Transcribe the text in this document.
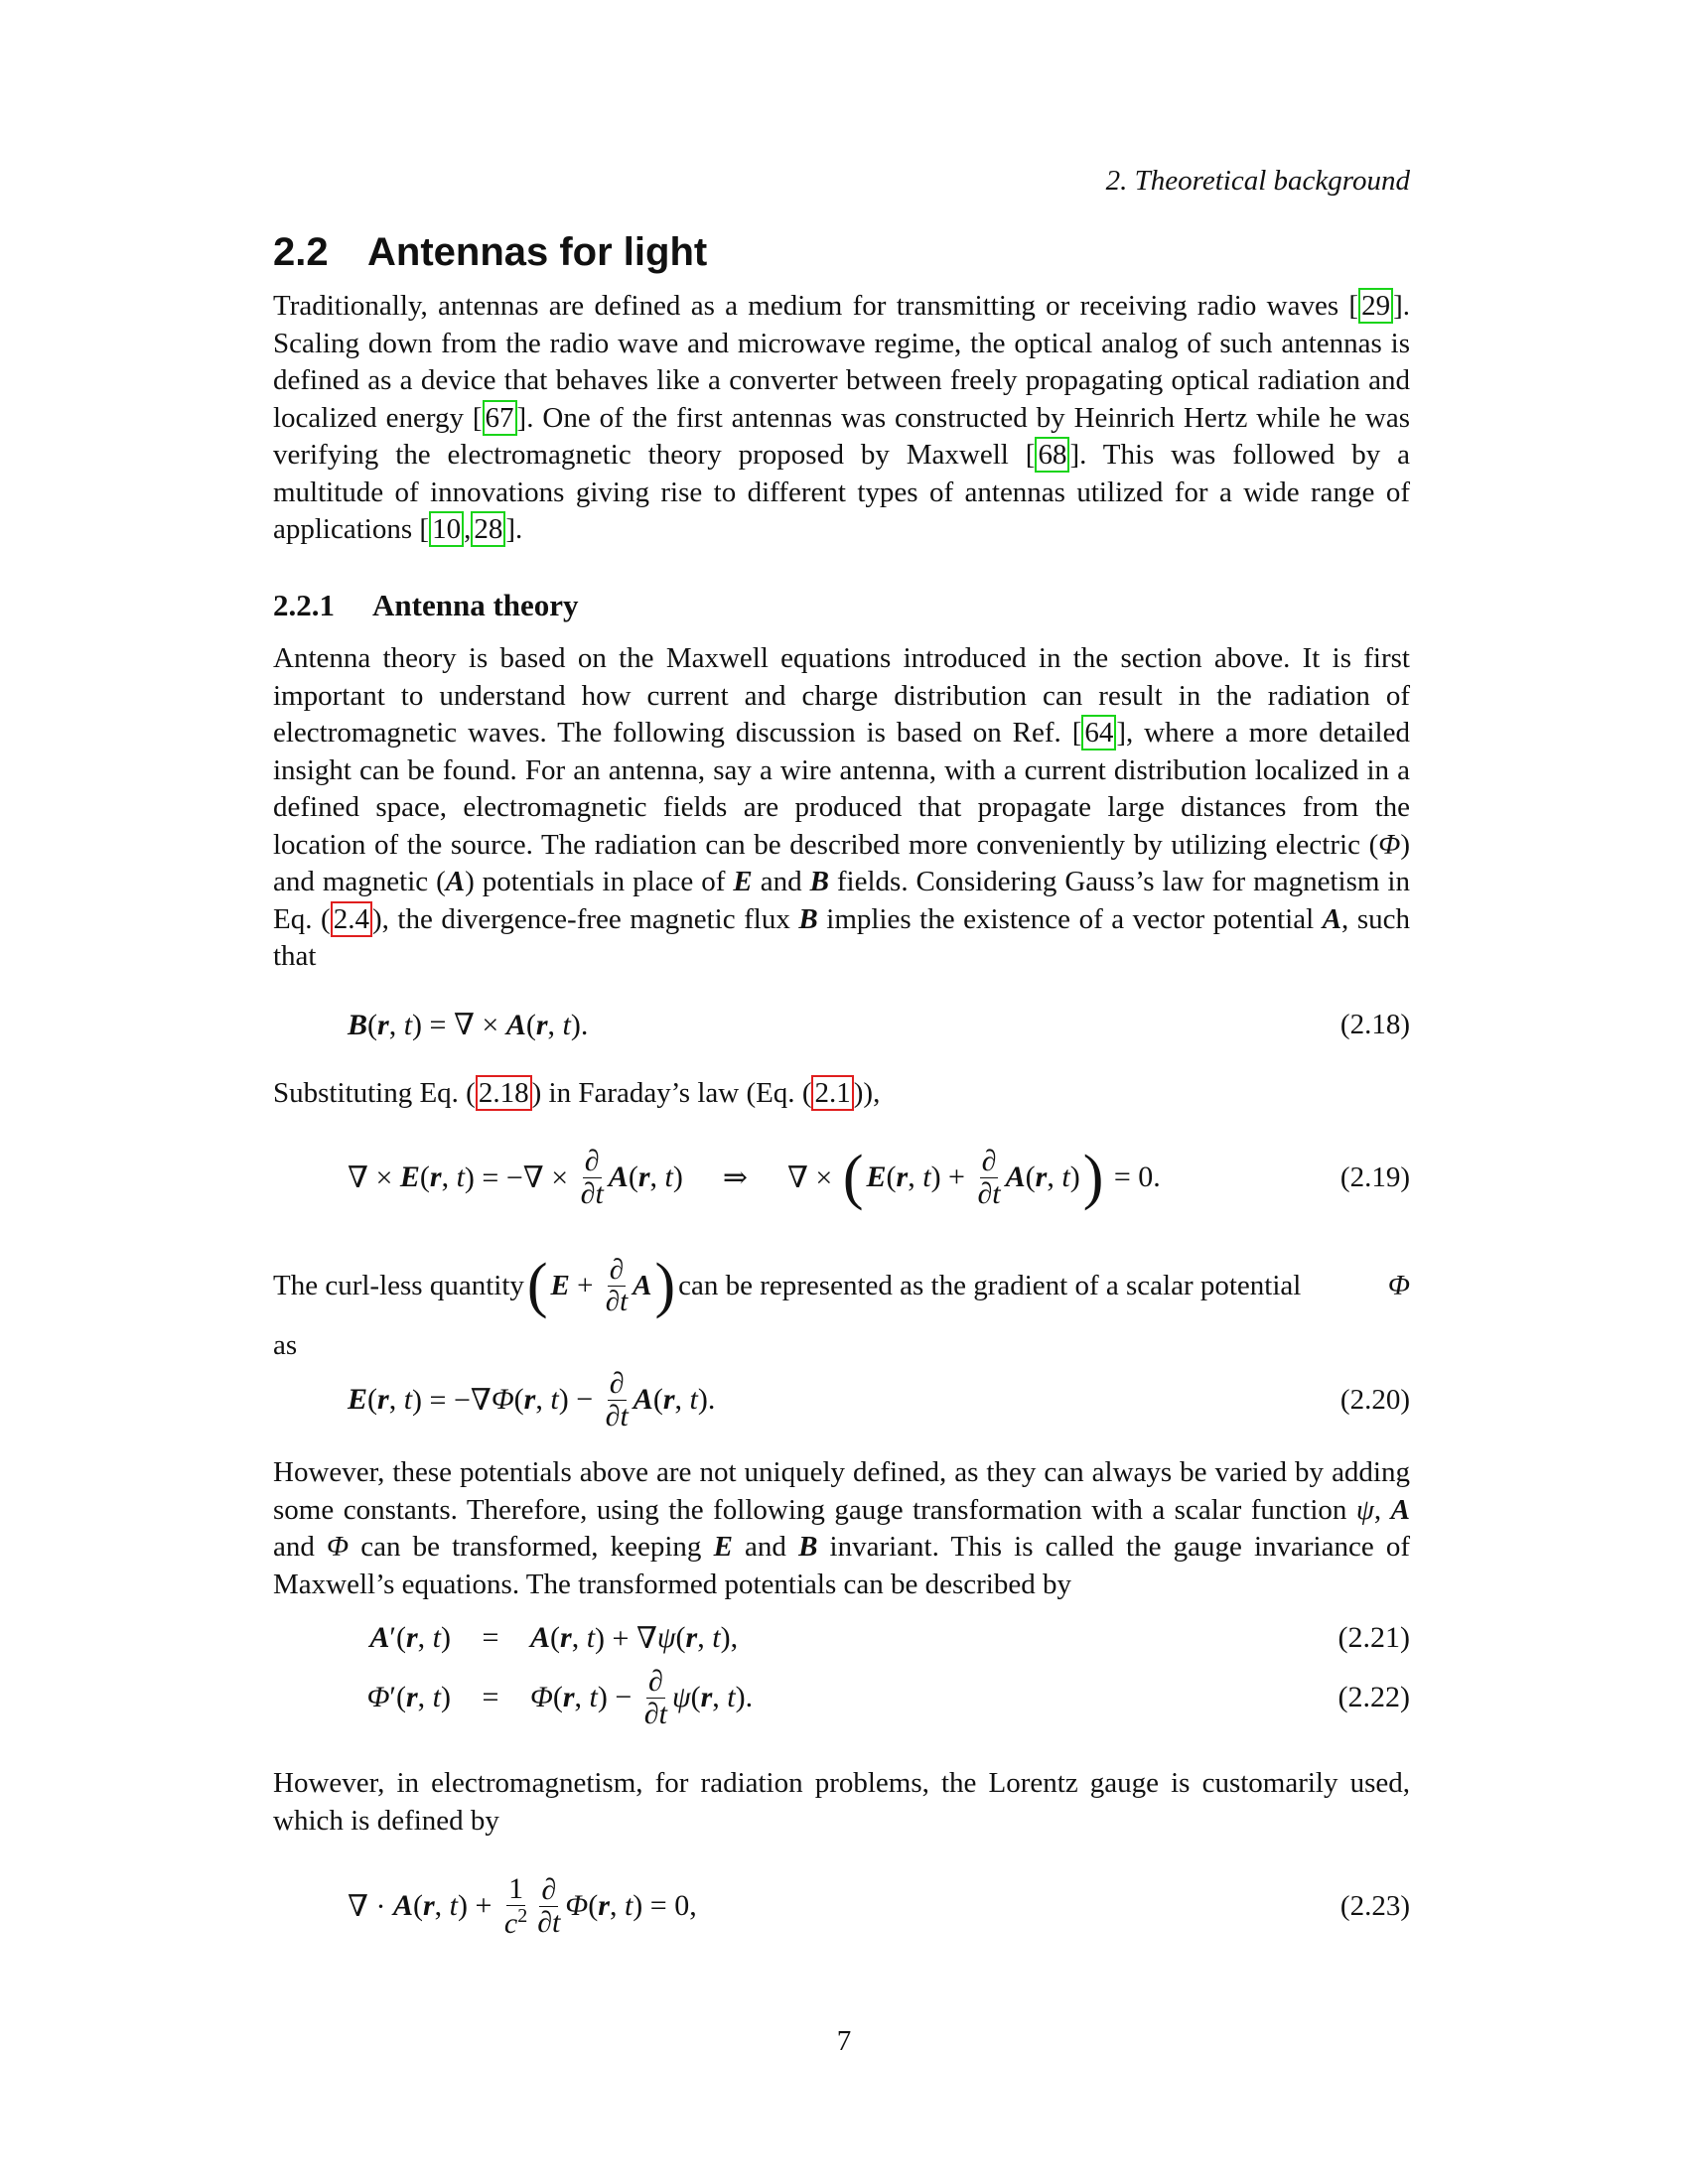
2. Theoretical background
2.2 Antennas for light
Traditionally, antennas are defined as a medium for transmitting or receiving radio waves [ 29 ]. Scaling down from the radio wave and microwave regime, the optical analog of such antennas is defined as a device that behaves like a converter between freely propagating optical radiation and localized energy [ 67 ]. One of the first antennas was constructed by Heinrich Hertz while he was verifying the electromagnetic theory proposed by Maxwell [ 68 ]. This was followed by a multitude of innovations giving rise to different types of antennas utilized for a wide range of applications [ 10 , 28 ].
2.2.1 Antenna theory
Antenna theory is based on the Maxwell equations introduced in the section above. It is first important to understand how current and charge distribution can result in the radiation of electromagnetic waves. The following discussion is based on Ref. [ 64 ], where a more detailed insight can be found. For an antenna, say a wire antenna, with a current distribution localized in a defined space, electromagnetic fields are produced that propagate large distances from the location of the source. The radiation can be described more conveniently by utilizing electric (Φ) and magnetic (A) potentials in place of E and B fields. Considering Gauss’s law for magnetism in Eq. ( 2.4 ), the divergence-free magnetic flux B implies the existence of a vector potential A, such that
B ( r , t ) = ∇ × A ( r , t ).	(2.18)
Substituting Eq. ( 2.18 ) in Faraday’s law (Eq. ( 2.1 )),
∇ × E ( r , t ) = −∇ × $\frac{\partial}{\partial t}$ A ( r , t ) ⇒ ∇ × ( E ( r , t ) + $\frac{\partial}{\partial t}$ A ( r , t ) ) = 0.	(2.19)
The curl-less quantity ( $E + \frac{\partial}{\partial t}$ A ) can be represented as the gradient of a scalar potential	Φ
as
E ( r , t ) = −∇ Φ ( r , t ) − $\frac{\partial}{\partial t}$ A ( r , t ).	(2.20)
However, these potentials above are not uniquely defined, as they can always be varied by adding some constants. Therefore, using the following gauge transformation with a scalar function ψ, A and Φ can be transformed, keeping E and B invariant. This is called the gauge invariance of Maxwell’s equations. The transformed potentials can be described by
A′(r, t)	=	A ( r , t ) + ∇ ψ ( r , t ),	(2.21)
Φ′(r, t)	=	Φ ( r , t ) − $\frac{\partial}{\partial t}$ ψ ( r , t ).	(2.22)
However, in electromagnetism, for radiation problems, the Lorentz gauge is customarily used, which is defined by
∇ · A ( r , t ) + $\frac{1}{c^2} \frac{\partial}{\partial t}$ Φ ( r , t ) = 0,	(2.23)
7
